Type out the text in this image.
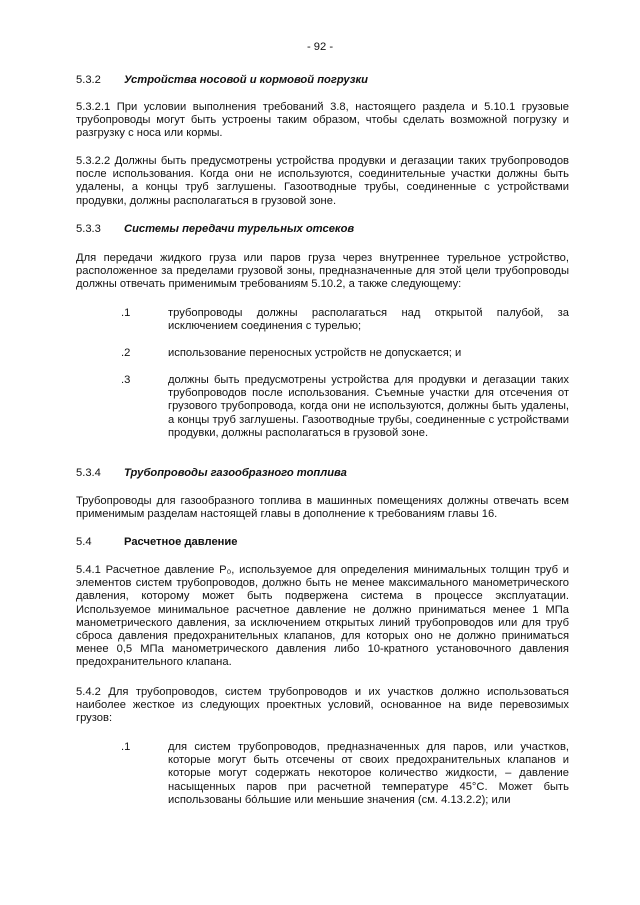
- 92 -
5.3.2 Устройства носовой и кормовой погрузки
5.3.2.1 При условии выполнения требований 3.8, настоящего раздела и 5.10.1 грузовые трубопроводы могут быть устроены таким образом, чтобы сделать возможной погрузку и разгрузку с носа или кормы.
5.3.2.2 Должны быть предусмотрены устройства продувки и дегазации таких трубопроводов после использования. Когда они не используются, соединительные участки должны быть удалены, а концы труб заглушены. Газоотводные трубы, соединенные с устройствами продувки, должны располагаться в грузовой зоне.
5.3.3 Системы передачи турельных отсеков
Для передачи жидкого груза или паров груза через внутреннее турельное устройство, расположенное за пределами грузовой зоны, предназначенные для этой цели трубопроводы должны отвечать применимым требованиям 5.10.2, а также следующему:
.1	трубопроводы должны располагаться над открытой палубой, за исключением соединения с турелью;
.2	использование переносных устройств не допускается; и
.3	должны быть предусмотрены устройства для продувки и дегазации таких трубопроводов после использования. Съемные участки для отсечения от грузового трубопровода, когда они не используются, должны быть удалены, а концы труб заглушены. Газоотводные трубы, соединенные с устройствами продувки, должны располагаться в грузовой зоне.
5.3.4 Трубопроводы газообразного топлива
Трубопроводы для газообразного топлива в машинных помещениях должны отвечать всем применимым разделам настоящей главы в дополнение к требованиям главы 16.
5.4	Расчетное давление
5.4.1 Расчетное давление Р₀, используемое для определения минимальных толщин труб и элементов систем трубопроводов, должно быть не менее максимального манометрического давления, которому может быть подвержена система в процессе эксплуатации. Используемое минимальное расчетное давление не должно приниматься менее 1 МПа манометрического давления, за исключением открытых линий трубопроводов или для труб сброса давления предохранительных клапанов, для которых оно не должно приниматься менее 0,5 МПа манометрического давления либо 10-кратного установочного давления предохранительного клапана.
5.4.2 Для трубопроводов, систем трубопроводов и их участков должно использоваться наиболее жесткое из следующих проектных условий, основанное на виде перевозимых грузов:
.1	для систем трубопроводов, предназначенных для паров, или участков, которые могут быть отсечены от своих предохранительных клапанов и которые могут содержать некоторое количество жидкости, – давление насыщенных паров при расчетной температуре 45°С. Может быть использованы бо́льшие или меньшие значения (см. 4.13.2.2); или
